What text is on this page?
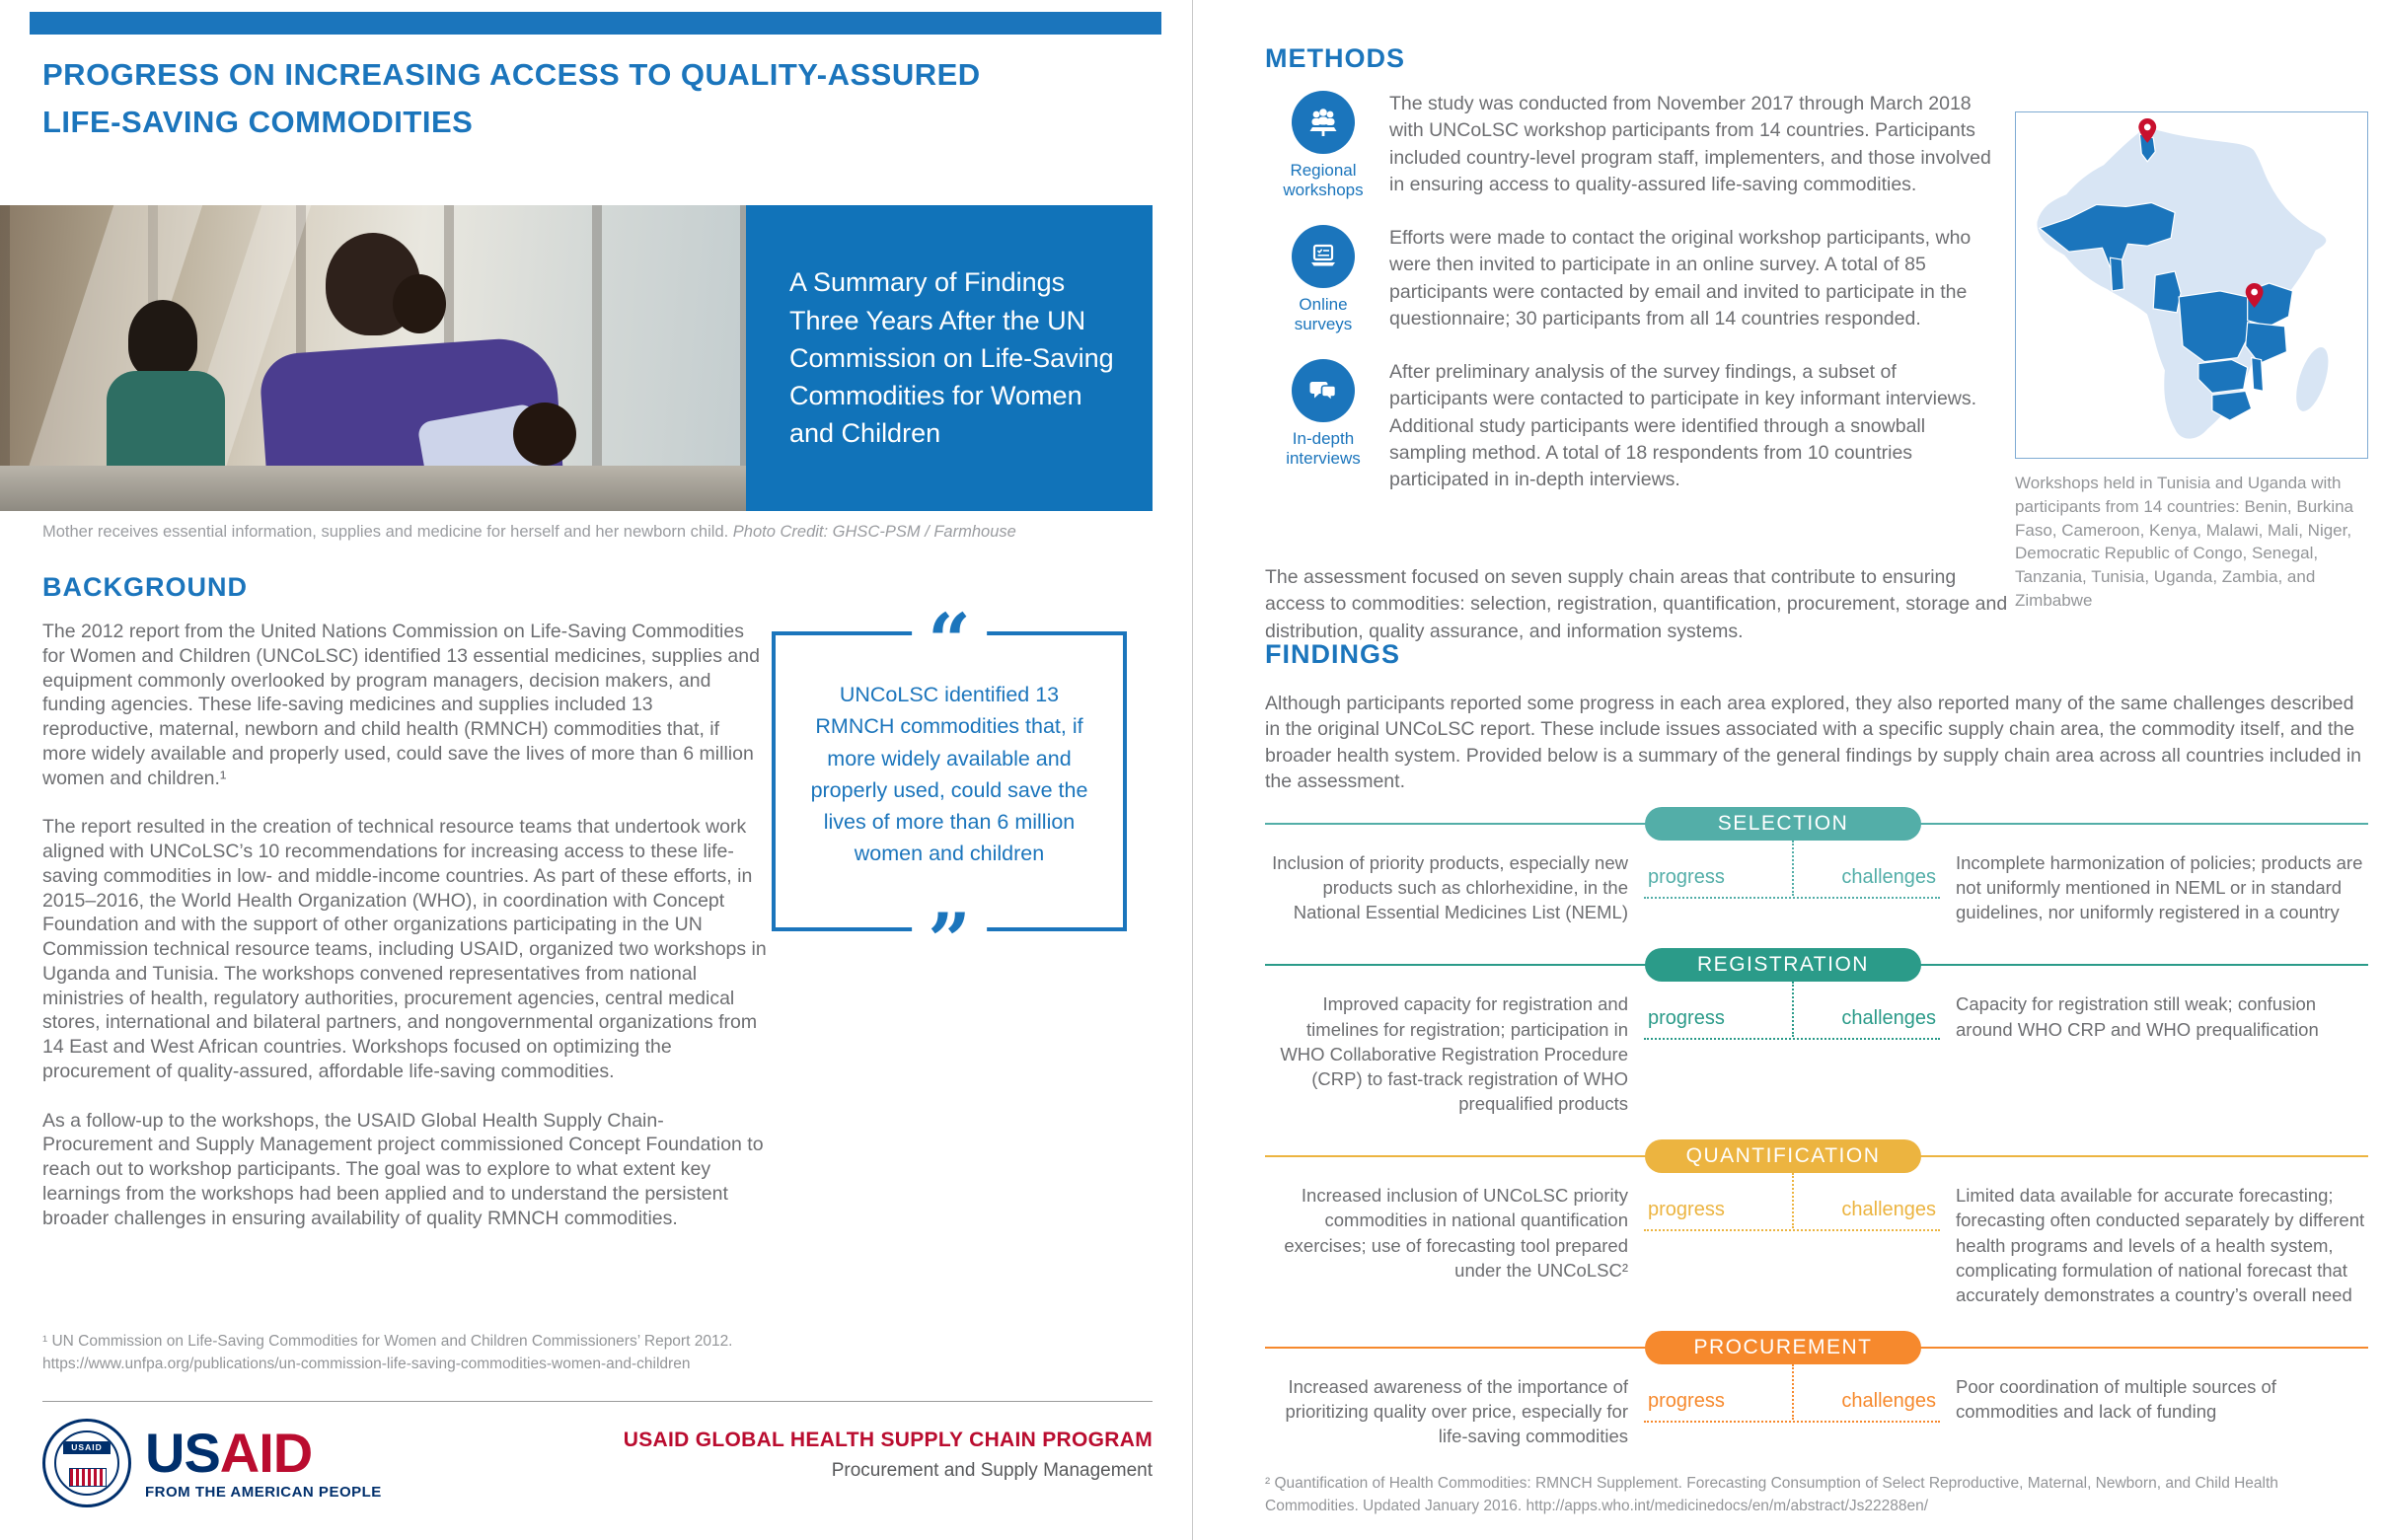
PROGRESS ON INCREASING ACCESS TO QUALITY-ASSURED LIFE-SAVING COMMODITIES
A Summary of Findings Three Years After the UN Commission on Life-Saving Commodities for Women and Children
Mother receives essential information, supplies and medicine for herself and her newborn child. Photo Credit: GHSC-PSM / Farmhouse
BACKGROUND

The 2012 report from the United Nations Commission on Life-Saving Commodities for Women and Children (UNCoLSC) identified 13 essential medicines, supplies and equipment commonly overlooked by program managers, decision makers, and funding agencies. These life-saving medicines and supplies included 13 reproductive, maternal, newborn and child health (RMNCH) commodities that, if more widely available and properly used, could save the lives of more than 6 million women and children.¹

The report resulted in the creation of technical resource teams that undertook work aligned with UNCoLSC’s 10 recommendations for increasing access to these life-saving commodities in low- and middle-income countries. As part of these efforts, in 2015–2016, the World Health Organization (WHO), in coordination with Concept Foundation and with the support of other organizations participating in the UN Commission technical resource teams, including USAID, organized two workshops in Uganda and Tunisia. The workshops convened representatives from national ministries of health, regulatory authorities, procurement agencies, central medical stores, international and bilateral partners, and nongovernmental organizations from 14 East and West African countries. Workshops focused on optimizing the procurement of quality-assured, affordable life-saving commodities.

As a follow-up to the workshops, the USAID Global Health Supply Chain-Procurement and Supply Management project commissioned Concept Foundation to reach out to workshop participants. The goal was to explore to what extent key learnings from the workshops had been applied and to understand the persistent broader challenges in ensuring availability of quality RMNCH commodities.

“
UNCoLSC identified 13 RMNCH commodities that, if more widely available and properly used, could save the lives of more than 6 million women and children
”
¹ UN Commission on Life-Saving Commodities for Women and Children Commissioners’ Report 2012. https://www.unfpa.org/publications/un-commission-life-saving-commodities-women-and-children
USAID USAID
FROM THE AMERICAN PEOPLE
USAID GLOBAL HEALTH SUPPLY CHAIN PROGRAM
Procurement and Supply Management
METHODS
Regional workshops
The study was conducted from November 2017 through March 2018 with UNCoLSC workshop participants from 14 countries. Participants included country-level program staff, implementers, and those involved in ensuring access to quality-assured life-saving commodities.
Online surveys
Efforts were made to contact the original workshop participants, who were then invited to participate in an online survey. A total of 85 participants were contacted by email and invited to participate in the questionnaire; 30 participants from all 14 countries responded.
In-depth interviews
After preliminary analysis of the survey findings, a subset of participants were contacted to participate in key informant interviews. Additional study participants were identified through a snowball sampling method. A total of 18 respondents from 10 countries participated in in-depth interviews.
The assessment focused on seven supply chain areas that contribute to ensuring access to commodities: selection, registration, quantification, procurement, storage and distribution, quality assurance, and information systems.
Workshops held in Tunisia and Uganda with participants from 14 countries: Benin, Burkina Faso, Cameroon, Kenya, Malawi, Mali, Niger, Democratic Republic of Congo, Senegal, Tanzania, Tunisia, Uganda, Zambia, and Zimbabwe
FINDINGS
Although participants reported some progress in each area explored, they also reported many of the same challenges described in the original UNCoLSC report. These include issues associated with a specific supply chain area, the commodity itself, and the broader health system. Provided below is a summary of the general findings by supply chain area across all countries included in the assessment.
SELECTION
Inclusion of priority products, especially new products such as chlorhexidine, in the National Essential Medicines List (NEML)
progress	challenges
Incomplete harmonization of policies; products are not uniformly mentioned in NEML or in standard guidelines, nor uniformly registered in a country
REGISTRATION
Improved capacity for registration and timelines for registration; participation in WHO Collaborative Registration Procedure (CRP) to fast-track registration of WHO prequalified products
progress	challenges
Capacity for registration still weak; confusion around WHO CRP and WHO prequalification
QUANTIFICATION
Increased inclusion of UNCoLSC priority commodities in national quantification exercises; use of forecasting tool prepared under the UNCoLSC²
progress	challenges
Limited data available for accurate forecasting; forecasting often conducted separately by different health programs and levels of a health system, complicating formulation of national forecast that accurately demonstrates a country’s overall need
PROCUREMENT
Increased awareness of the importance of prioritizing quality over price, especially for life-saving commodities
progress	challenges
Poor coordination of multiple sources of commodities and lack of funding
² Quantification of Health Commodities: RMNCH Supplement. Forecasting Consumption of Select Reproductive, Maternal, Newborn, and Child Health Commodities. Updated January 2016. http://apps.who.int/medicinedocs/en/m/abstract/Js22288en/
